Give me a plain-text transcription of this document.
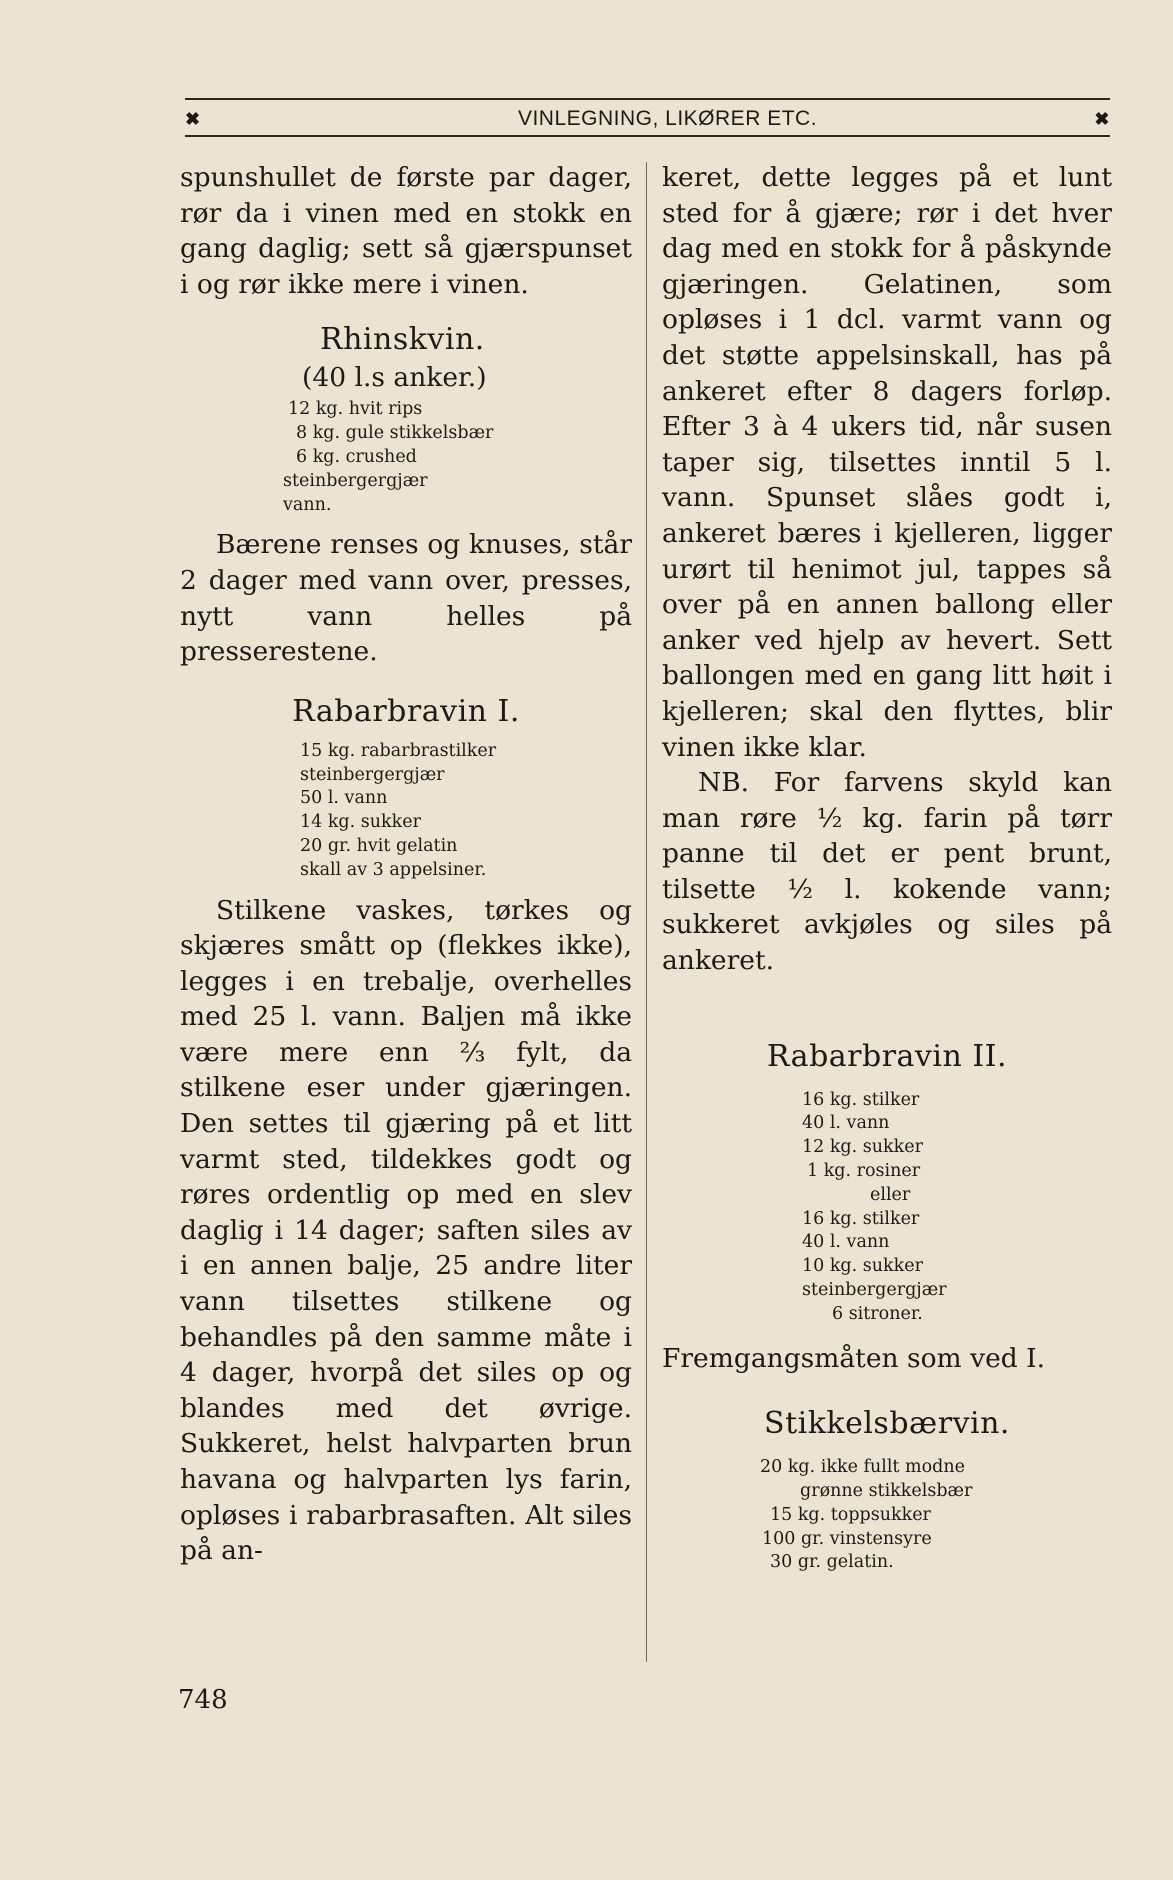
✖	VINLEGNING, LIKØRER ETC.	✖

spunshullet de første par dager, rør da i vinen med en stokk en gang daglig; sett så gjærspunset i og rør ikke mere i vinen.

Rhinskvin.

(40 l.s anker.)

12 kg. hvit rips
8 kg. gule stikkelsbær
6 kg. crushed
steinbergergjær
vann.

Bærene renses og knuses, står 2 dager med vann over, presses, nytt vann helles på presserestene.

Rabarbravin I.

15 kg. rabarbrastilker
steinbergergjær
50 l. vann
14 kg. sukker
20 gr. hvit gelatin
skall av 3 appelsiner.

Stilkene vaskes, tørkes og skjæres smått op (flekkes ikke), legges i en trebalje, overhelles med 25 l. vann. Baljen må ikke være mere enn ⅔ fylt, da stilkene eser under gjæringen. Den settes til gjæring på et litt varmt sted, tildekkes godt og røres ordentlig op med en slev daglig i 14 dager; saften siles av i en annen balje, 25 andre liter vann tilsettes stilkene og behandles på den samme måte i 4 dager, hvorpå det siles op og blandes med det øvrige. Sukkeret, helst halvparten brun havana og halvparten lys farin, opløses i rabarbrasaften. Alt siles på an-

keret, dette legges på et lunt sted for å gjære; rør i det hver dag med en stokk for å påskynde gjæringen. Gelatinen, som opløses i 1 dcl. varmt vann og det støtte appelsinskall, has på ankeret efter 8 dagers forløp. Efter 3 à 4 ukers tid, når susen taper sig, tilsettes inntil 5 l. vann. Spunset slåes godt i, ankeret bæres i kjelleren, ligger urørt til henimot jul, tappes så over på en annen ballong eller anker ved hjelp av hevert. Sett ballongen med en gang litt høit i kjelleren; skal den flyttes, blir vinen ikke klar.

NB. For farvens skyld kan man røre ½ kg. farin på tørr panne til det er pent brunt, tilsette ½ l. kokende vann; sukkeret avkjøles og siles på ankeret.

Rabarbravin II.

16 kg. stilker
40 l. vann
12 kg. sukker
1 kg. rosiner
eller
16 kg. stilker
40 l. vann
10 kg. sukker
steinbergergjær
6 sitroner.

Fremgangsmåten som ved I.

Stikkelsbærvin.

20 kg. ikke fullt modne
grønne stikkelsbær
15 kg. toppsukker
100 gr. vinstensyre
30 gr. gelatin.
748
